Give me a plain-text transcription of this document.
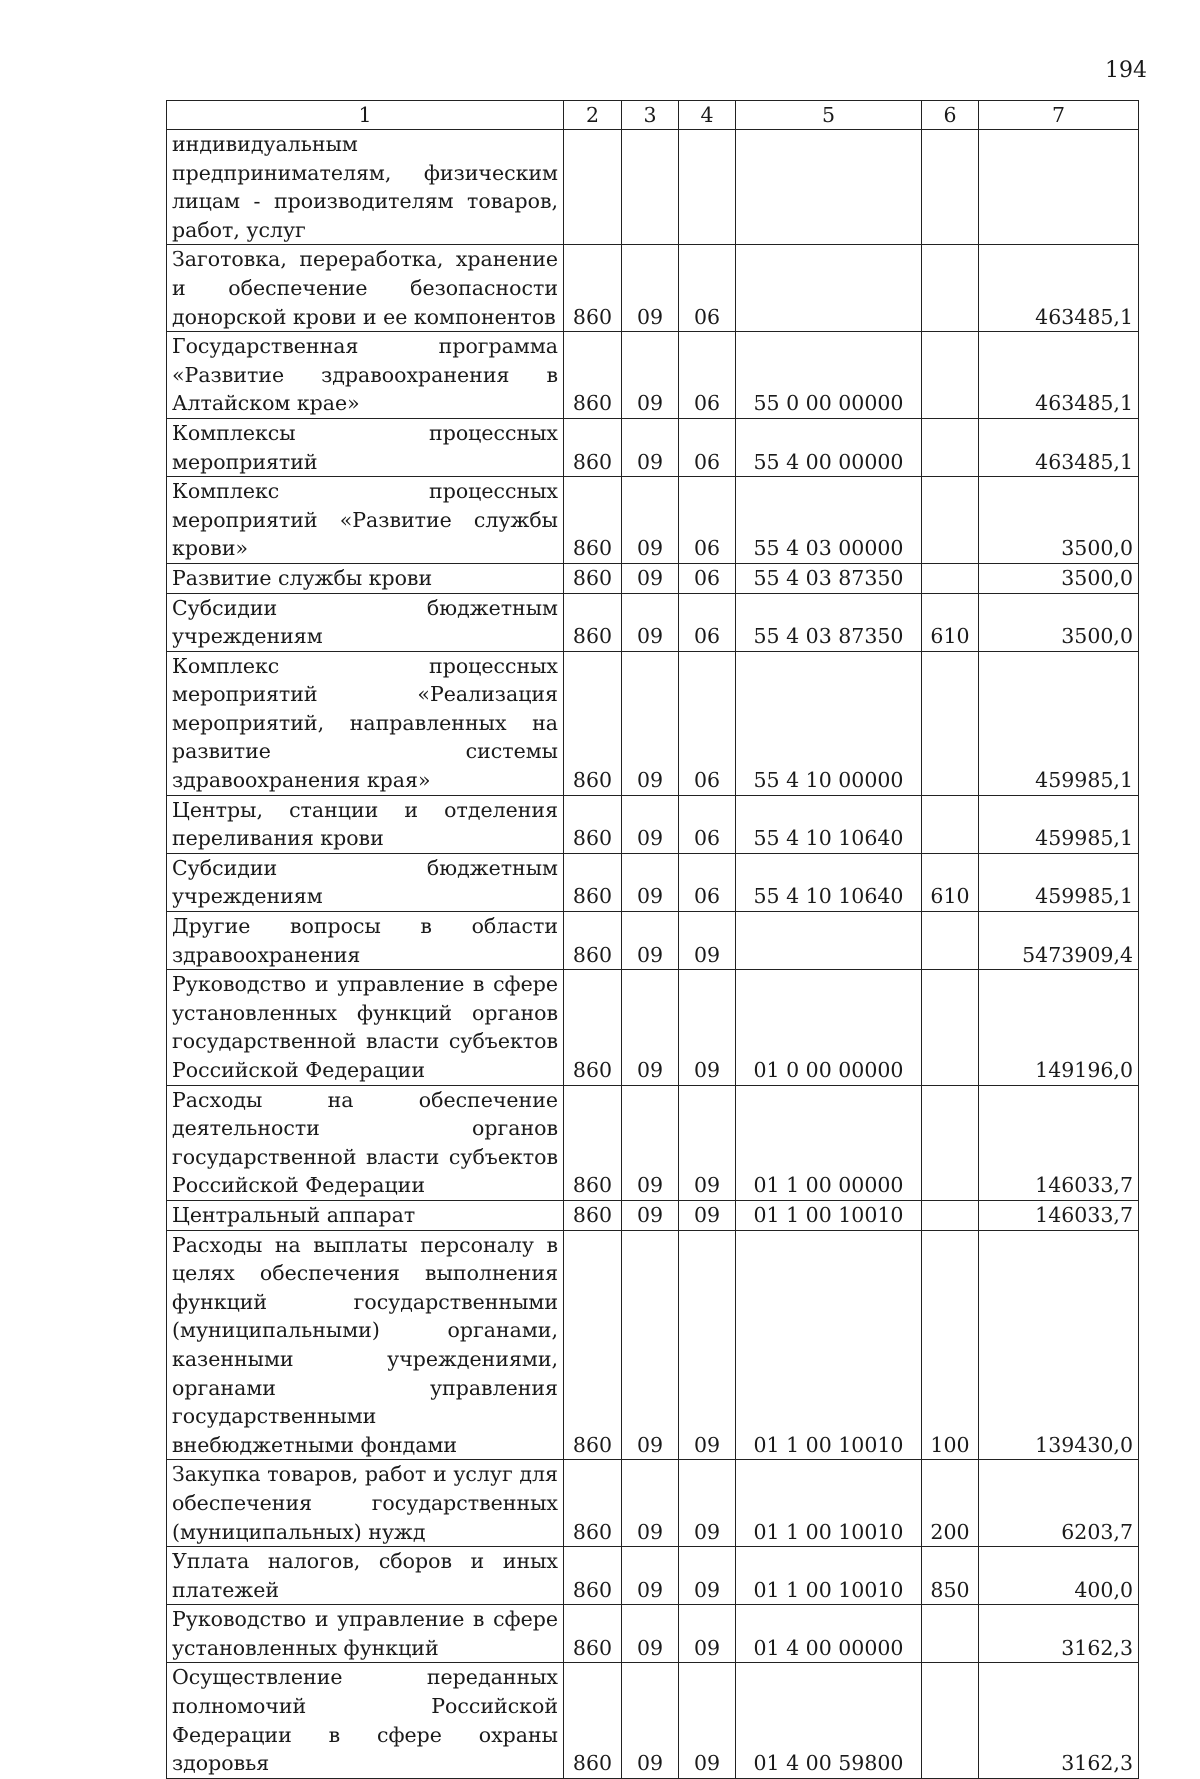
194
1	2	3	4	5	6	7
индивидуальным предпринимателям, физическим лицам - производителям товаров, работ, услуг						
Заготовка, переработка, хранение и обеспечение безопасности донорской крови и ее компонентов	860	09	06			463485,1
Государственная программа «Развитие здравоохранения в Алтайском крае»	860	09	06	55 0 00 00000		463485,1
Комплексы процессных мероприятий	860	09	06	55 4 00 00000		463485,1
Комплекс процессных мероприятий «Развитие службы крови»	860	09	06	55 4 03 00000		3500,0
Развитие службы крови	860	09	06	55 4 03 87350		3500,0
Субсидии бюджетным учреждениям	860	09	06	55 4 03 87350	610	3500,0
Комплекс процессных мероприятий «Реализация мероприятий, направленных на развитие системы здравоохранения края»	860	09	06	55 4 10 00000		459985,1
Центры, станции и отделения переливания крови	860	09	06	55 4 10 10640		459985,1
Субсидии бюджетным учреждениям	860	09	06	55 4 10 10640	610	459985,1
Другие вопросы в области здравоохранения	860	09	09			5473909,4
Руководство и управление в сфере установленных функций органов государственной власти субъектов Российской Федерации	860	09	09	01 0 00 00000		149196,0
Расходы на обеспечение деятельности органов государственной власти субъектов Российской Федерации	860	09	09	01 1 00 00000		146033,7
Центральный аппарат	860	09	09	01 1 00 10010		146033,7
Расходы на выплаты персоналу в целях обеспечения выполнения функций государственными (муниципальными) органами, казенными учреждениями, органами управления государственными внебюджетными фондами	860	09	09	01 1 00 10010	100	139430,0
Закупка товаров, работ и услуг для обеспечения государственных (муниципальных) нужд	860	09	09	01 1 00 10010	200	6203,7
Уплата налогов, сборов и иных платежей	860	09	09	01 1 00 10010	850	400,0
Руководство и управление в сфере установленных функций	860	09	09	01 4 00 00000		3162,3
Осуществление переданных полномочий Российской Федерации в сфере охраны здоровья	860	09	09	01 4 00 59800		3162,3
